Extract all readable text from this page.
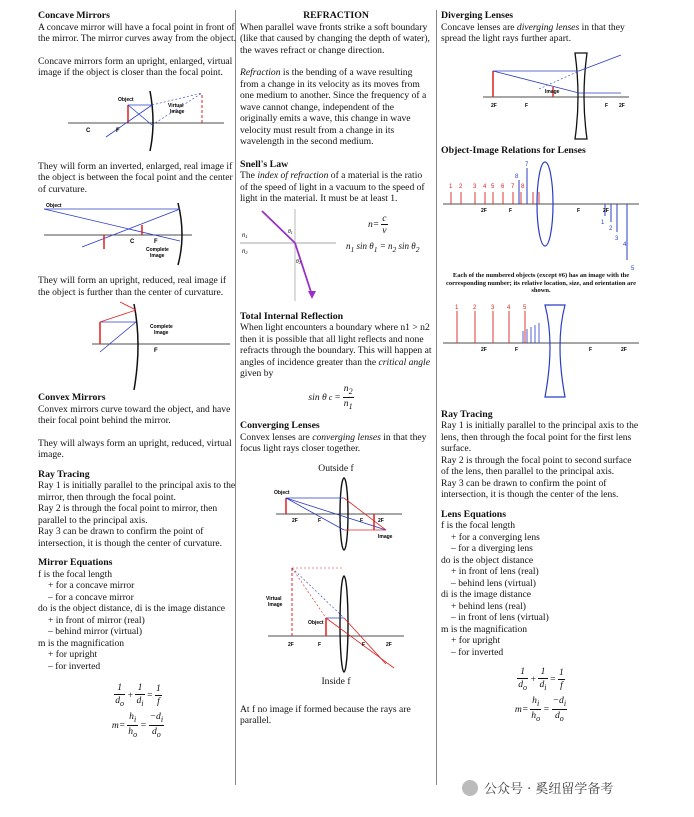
Concave Mirrors

A concave mirror will have a focal point in front of the mirror. The mirror curves away from the object.

Concave mirrors form an upright, enlarged, virtual image if the object is closer than the focal point.

Object
Virtual
Image
C	F

They will form an inverted, enlarged, real image if the object is between the focal point and the center of curvature.

Object
C	F
Complete
Image

They will form an upright, reduced, real image if the object is further than the center of curvature.

Complete
Image
F

Convex Mirrors

Convex mirrors curve toward the object, and have their focal point behind the mirror.

They will always form an upright, reduced, virtual image.

Ray Tracing

Ray 1 is initially parallel to the principal axis to the mirror, then through the focal point.

Ray 2 is through the focal point to mirror, then parallel to the principal axis.

Ray 3 can be drawn to confirm the point of intersection, it is though the center of curvature.

Mirror Equations

f is the focal length

+ for a concave mirror

– for a concave mirror

do is the object distance, di is the image distance

+ in front of mirror (real)

– behind mirror (virtual)

m is the magnification

+ for upright

– for inverted

$\frac{1}{d_o} + \frac{1}{d_i} = \frac{1}{f}$
$m= \frac{h_i}{h_o} = \frac{-d_i}{d_o}$

REFRACTION

When parallel wave fronts strike a soft boundary (like that caused by changing the depth of water), the waves refract or change direction.

Refraction is the bending of a wave resulting from a change in its velocity as its moves from one medium to another. Since the frequency of a wave cannot change, independent of the originally emits a wave, this change in wave velocity must result from a change in its wavelength in the second medium.

Snell's Law

The index of refraction of a material is the ratio of the speed of light in a vacuum to the speed of light in the material. It must be at least 1.

n1
n2
$\theta_1$
$\theta_2$
$n= \frac{c}{v}$
$n_1$ $\sin \theta_1 = n_2$ $\sin \theta_2$

Total Internal Reflection

When light encounters a boundary where n1 > n2 then it is possible that all light reflects and none refracts through the boundary. This will happen at angles of incidence greater than the critical angle given by

sin θ $c = \frac{n_2}{n_1}$

Converging Lenses

Convex lenses are converging lenses in that they focus light rays closer together.

Outside f

Object
2F	F	F	2F
Image
Virtual
Image
Object
2F	F	F	2F

Inside f

At f no image if formed because the rays are parallel.

Diverging Lenses

Concave lenses are diverging lenses in that they spread the light rays further apart.

Image
2F	F	F 2F

Object-Image Relations for Lenses

1 2 3 4 5 6 7 8
7
8
1
2
3
4
5
2F	F	F	2F

Each of the numbered objects (except #6) has an image with the corresponding number; its relative location, size, and orientation are shown.

1 2 3 4 5
2F	F	F	2F

Ray Tracing

Ray 1 is initially parallel to the principal axis to the lens, then through the focal point for the first lens surface.

Ray 2 is through the focal point to second surface of the lens, then parallel to the principal axis.

Ray 3 can be drawn to confirm the point of intersection, it is though the center of the lens.

Lens Equations

f is the focal length

+ for a converging lens

– for a diverging lens

do is the object distance

+ in front of lens (real)

– behind lens (virtual)

di is the image distance

+ behind lens (real)

– in front of lens (virtual)

m is the magnification

+ for upright

– for inverted

$\frac{1}{d_o} + \frac{1}{d_i} = \frac{1}{f}$
$m= \frac{h_i}{h_o} = \frac{-d_i}{d_o}$
公众号 · 奚纽留学备考
